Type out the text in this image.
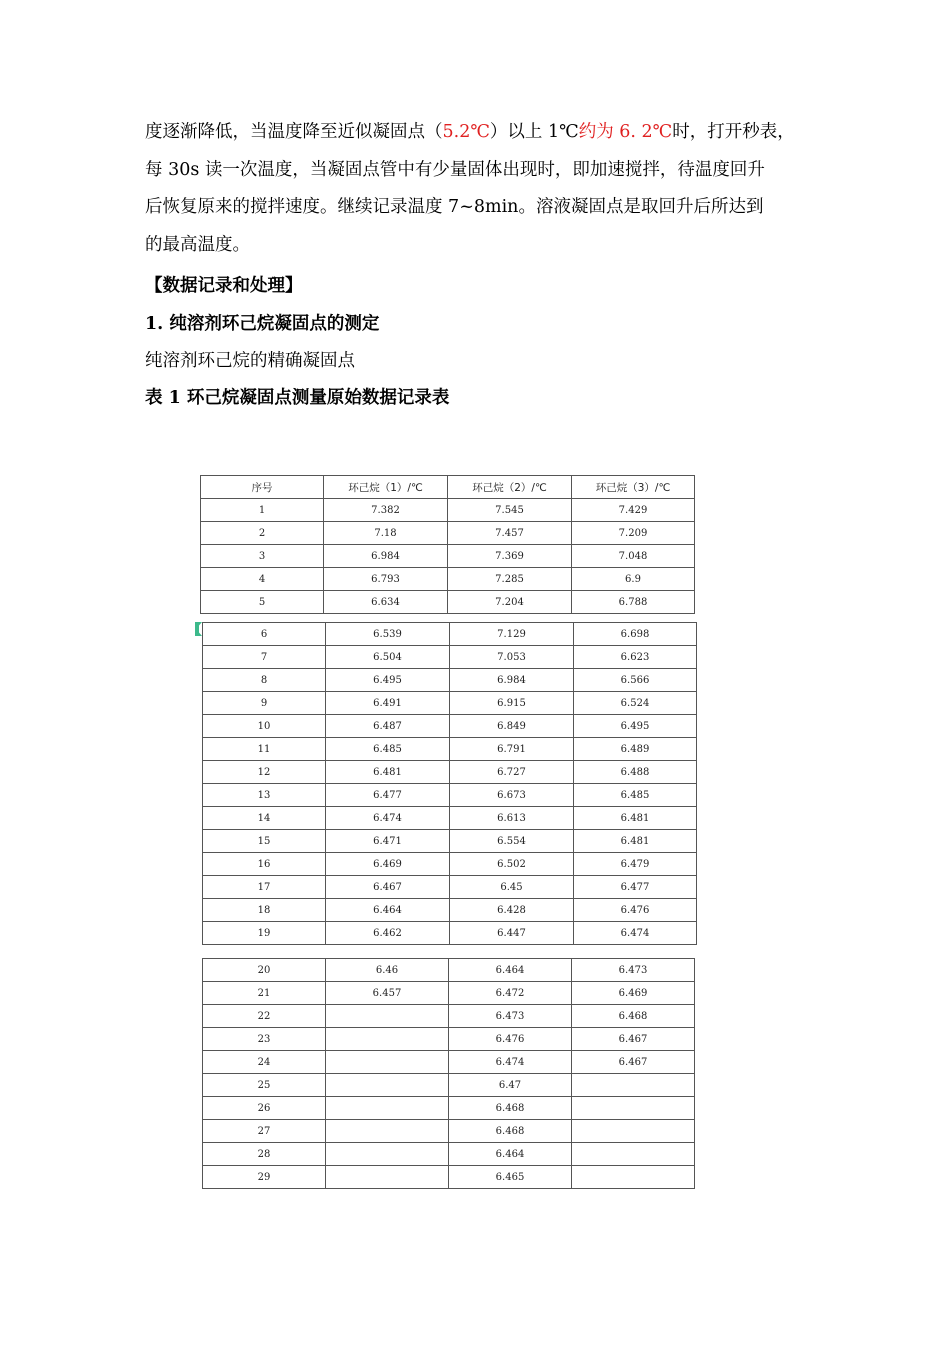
度逐渐降低，当温度降至近似凝固点（5.2℃）以上 1℃约为 6. 2℃时，打开秒表，

每 30s 读一次温度，当凝固点管中有少量固体出现时，即加速搅拌，待温度回升

后恢复原来的搅拌速度。继续记录温度 7~8min。溶液凝固点是取回升后所达到

的最高温度。

【数据记录和处理】
1. 纯溶剂环己烷凝固点的测定
纯溶剂环己烷的精确凝固点
表 1 环己烷凝固点测量原始数据记录表
序号	环己烷（1）/℃	环己烷（2）/℃	环己烷（3）/℃
1	7.382	7.545	7.429
2	7.18	7.457	7.209
3	6.984	7.369	7.048
4	6.793	7.285	6.9
5	6.634	7.204	6.788
6	6.539	7.129	6.698
7	6.504	7.053	6.623
8	6.495	6.984	6.566
9	6.491	6.915	6.524
10	6.487	6.849	6.495
11	6.485	6.791	6.489
12	6.481	6.727	6.488
13	6.477	6.673	6.485
14	6.474	6.613	6.481
15	6.471	6.554	6.481
16	6.469	6.502	6.479
17	6.467	6.45	6.477
18	6.464	6.428	6.476
19	6.462	6.447	6.474
20	6.46	6.464	6.473
21	6.457	6.472	6.469
22		6.473	6.468
23		6.476	6.467
24		6.474	6.467
25		6.47	
26		6.468	
27		6.468	
28		6.464	
29		6.465	
